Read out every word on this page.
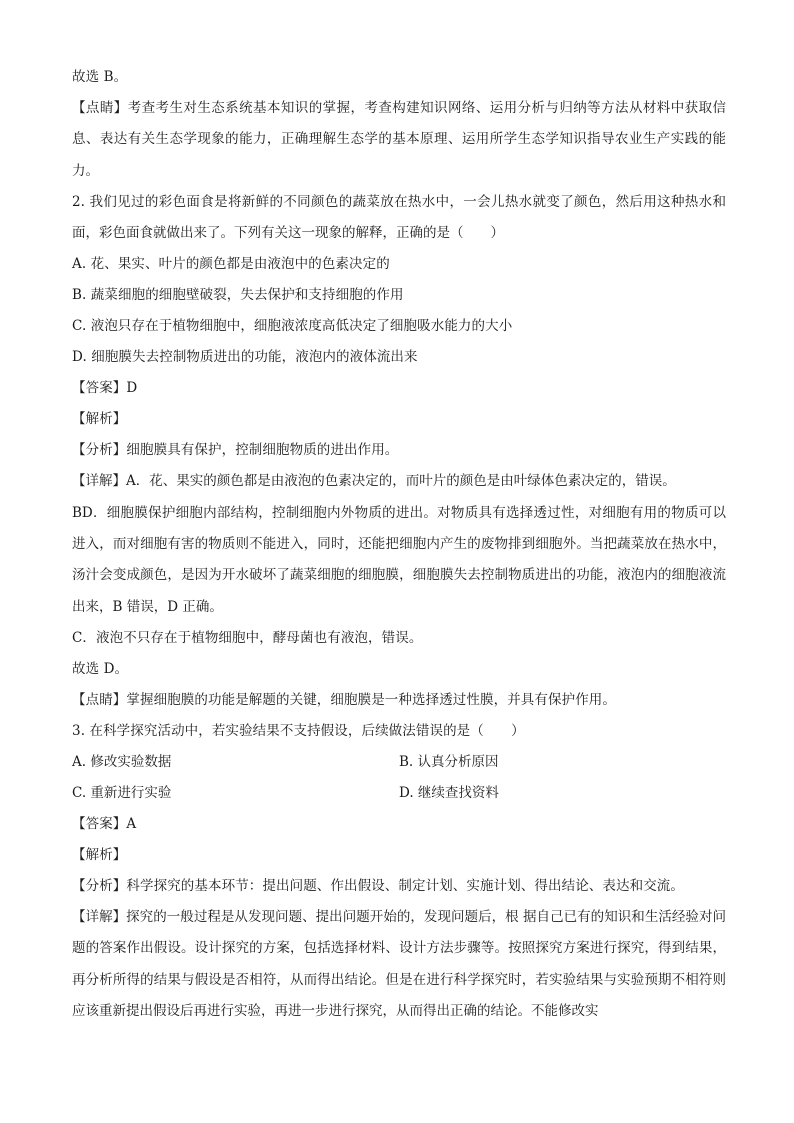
故选 B。
【点睛】考查考生对生态系统基本知识的掌握，考查构建知识网络、运用分析与归纳等方法从材料中获取信息、表达有关生态学现象的能力，正确理解生态学的基本原理、运用所学生态学知识指导农业生产实践的能力。
2. 我们见过的彩色面食是将新鲜的不同颜色的蔬菜放在热水中，一会儿热水就变了颜色，然后用这种热水和面，彩色面食就做出来了。下列有关这一现象的解释，正确的是（　　）
A. 花、果实、叶片的颜色都是由液泡中的色素决定的
B. 蔬菜细胞的细胞壁破裂，失去保护和支持细胞的作用
C. 液泡只存在于植物细胞中，细胞液浓度高低决定了细胞吸水能力的大小
D. 细胞膜失去控制物质进出的功能，液泡内的液体流出来
【答案】D
【解析】
【分析】细胞膜具有保护，控制细胞物质的进出作用。
【详解】A．花、果实的颜色都是由液泡的色素决定的，而叶片的颜色是由叶绿体色素决定的，错误。
BD．细胞膜保护细胞内部结构，控制细胞内外物质的进出。对物质具有选择透过性，对细胞有用的物质可以进入，而对细胞有害的物质则不能进入，同时，还能把细胞内产生的废物排到细胞外。当把蔬菜放在热水中，汤汁会变成颜色，是因为开水破坏了蔬菜细胞的细胞膜，细胞膜失去控制物质进出的功能，液泡内的细胞液流出来，B 错误，D 正确。
C．液泡不只存在于植物细胞中，酵母菌也有液泡，错误。
故选 D。
【点睛】掌握细胞膜的功能是解题的关键，细胞膜是一种选择透过性膜，并具有保护作用。
3. 在科学探究活动中，若实验结果不支持假设，后续做法错误的是（　　）
A. 修改实验数据	B. 认真分析原因
C. 重新进行实验	D. 继续查找资料
【答案】A
【解析】
【分析】科学探究的基本环节：提出问题、作出假设、制定计划、实施计划、得出结论、表达和交流。
【详解】探究的一般过程是从发现问题、提出问题开始的，发现问题后，根 据自己已有的知识和生活经验对问题的答案作出假设。设计探究的方案，包括选择材料、设计方法步骤等。按照探究方案进行探究，得到结果，再分析所得的结果与假设是否相符，从而得出结论。但是在进行科学探究时，若实验结果与实验预期不相符则应该重新提出假设后再进行实验，再进一步进行探究，从而得出正确的结论。不能修改实
